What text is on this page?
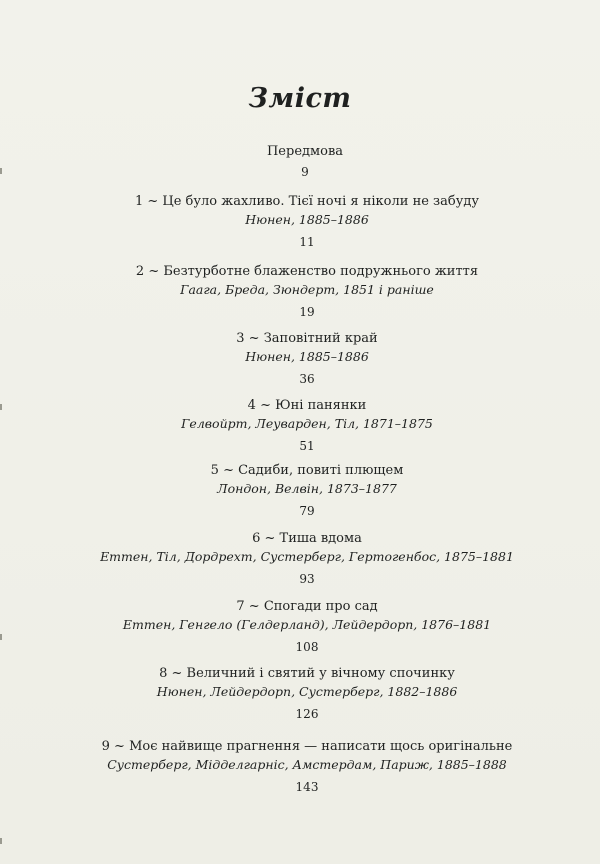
Зміст
Передмова
9
1 ~ Це було жахливо. Тієї ночі я ніколи не забуду
Нюнен, 1885–1886
11
2 ~ Безтурботне блаженство подружнього життя
Гаага, Бреда, Зюндерт, 1851 і раніше
19
3 ~ Заповітний край
Нюнен, 1885–1886
36
4 ~ Юні панянки
Гелвойрт, Леуварден, Тіл, 1871–1875
51
5 ~ Садиби, повиті плющем
Лондон, Велвін, 1873–1877
79
6 ~ Тиша вдома
Еттен, Тіл, Дордрехт, Сустерберг, Гертогенбос, 1875–1881
93
7 ~ Спогади про сад
Еттен, Генгело (Гелдерланд), Лейдердорп, 1876–1881
108
8 ~ Величний і святий у вічному спочинку
Нюнен, Лейдердорп, Сустерберг, 1882–1886
126
9 ~ Моє найвище прагнення — написати щось оригінальне
Сустерберг, Мідделгарніс, Амстердам, Париж, 1885–1888
143
